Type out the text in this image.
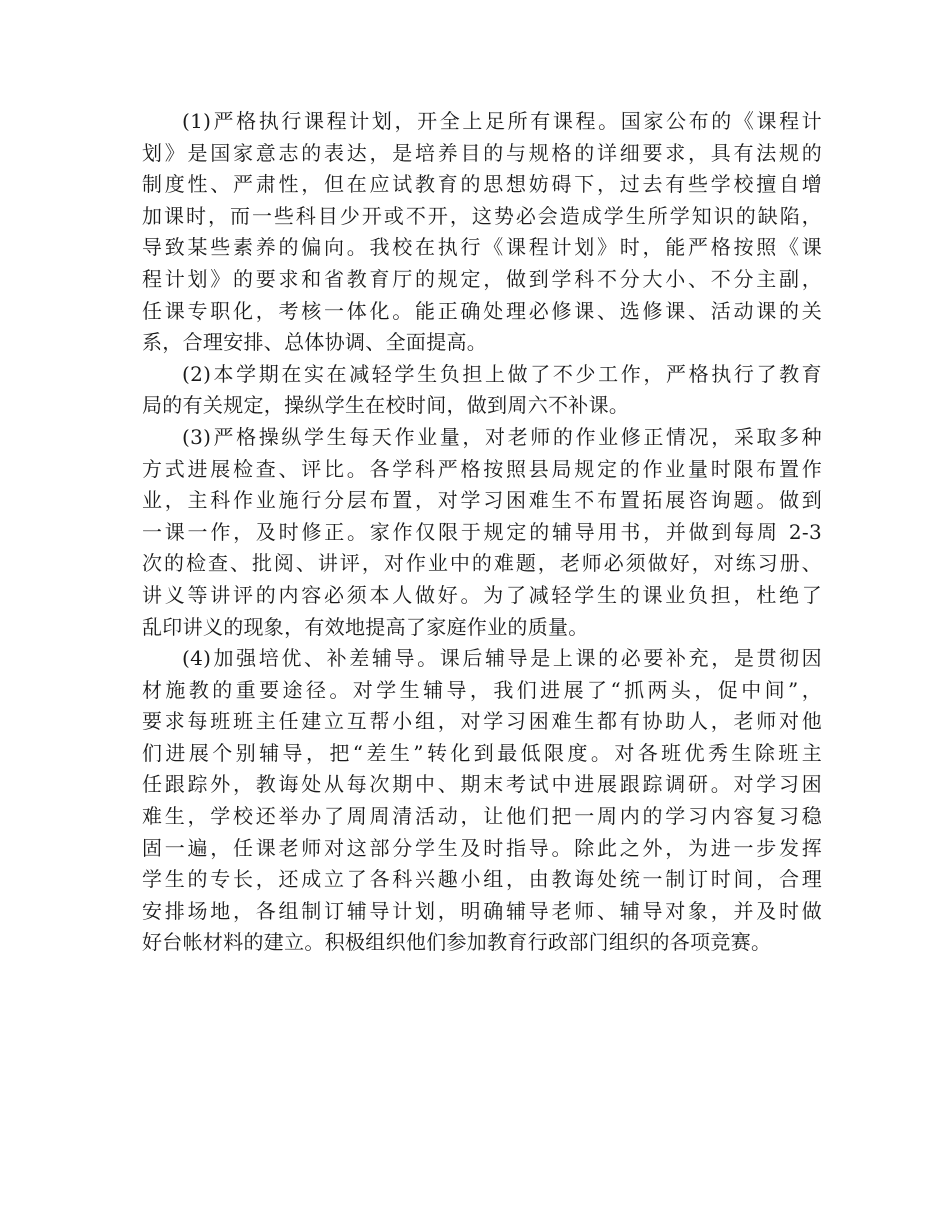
(1)严格执行课程计划，开全上足所有课程。国家公布的《课程计
划》是国家意志的表达，是培养目的与规格的详细要求，具有法规的
制度性、严肃性，但在应试教育的思想妨碍下，过去有些学校擅自增
加课时，而一些科目少开或不开，这势必会造成学生所学知识的缺陷，
导致某些素养的偏向。我校在执行《课程计划》时，能严格按照《课
程计划》的要求和省教育厅的规定，做到学科不分大小、不分主副，
任课专职化，考核一体化。能正确处理必修课、选修课、活动课的关
系，合理安排、总体协调、全面提高。
(2)本学期在实在减轻学生负担上做了不少工作，严格执行了教育
局的有关规定，操纵学生在校时间，做到周六不补课。
(3)严格操纵学生每天作业量，对老师的作业修正情况，采取多种
方式进展检查、评比。各学科严格按照县局规定的作业量时限布置作
业，主科作业施行分层布置，对学习困难生不布置拓展咨询题。做到
一课一作，及时修正。家作仅限于规定的辅导用书，并做到每周 2-3
次的检查、批阅、讲评，对作业中的难题，老师必须做好，对练习册、
讲义等讲评的内容必须本人做好。为了减轻学生的课业负担，杜绝了
乱印讲义的现象，有效地提高了家庭作业的质量。
(4)加强培优、补差辅导。课后辅导是上课的必要补充，是贯彻因
材施教的重要途径。对学生辅导，我们进展了“抓两头，促中间”，
要求每班班主任建立互帮小组，对学习困难生都有协助人，老师对他
们进展个别辅导，把“差生”转化到最低限度。对各班优秀生除班主
任跟踪外，教诲处从每次期中、期末考试中进展跟踪调研。对学习困
难生，学校还举办了周周清活动，让他们把一周内的学习内容复习稳
固一遍，任课老师对这部分学生及时指导。除此之外，为进一步发挥
学生的专长，还成立了各科兴趣小组，由教诲处统一制订时间，合理
安排场地，各组制订辅导计划，明确辅导老师、辅导对象，并及时做
好台帐材料的建立。积极组织他们参加教育行政部门组织的各项竞赛。
